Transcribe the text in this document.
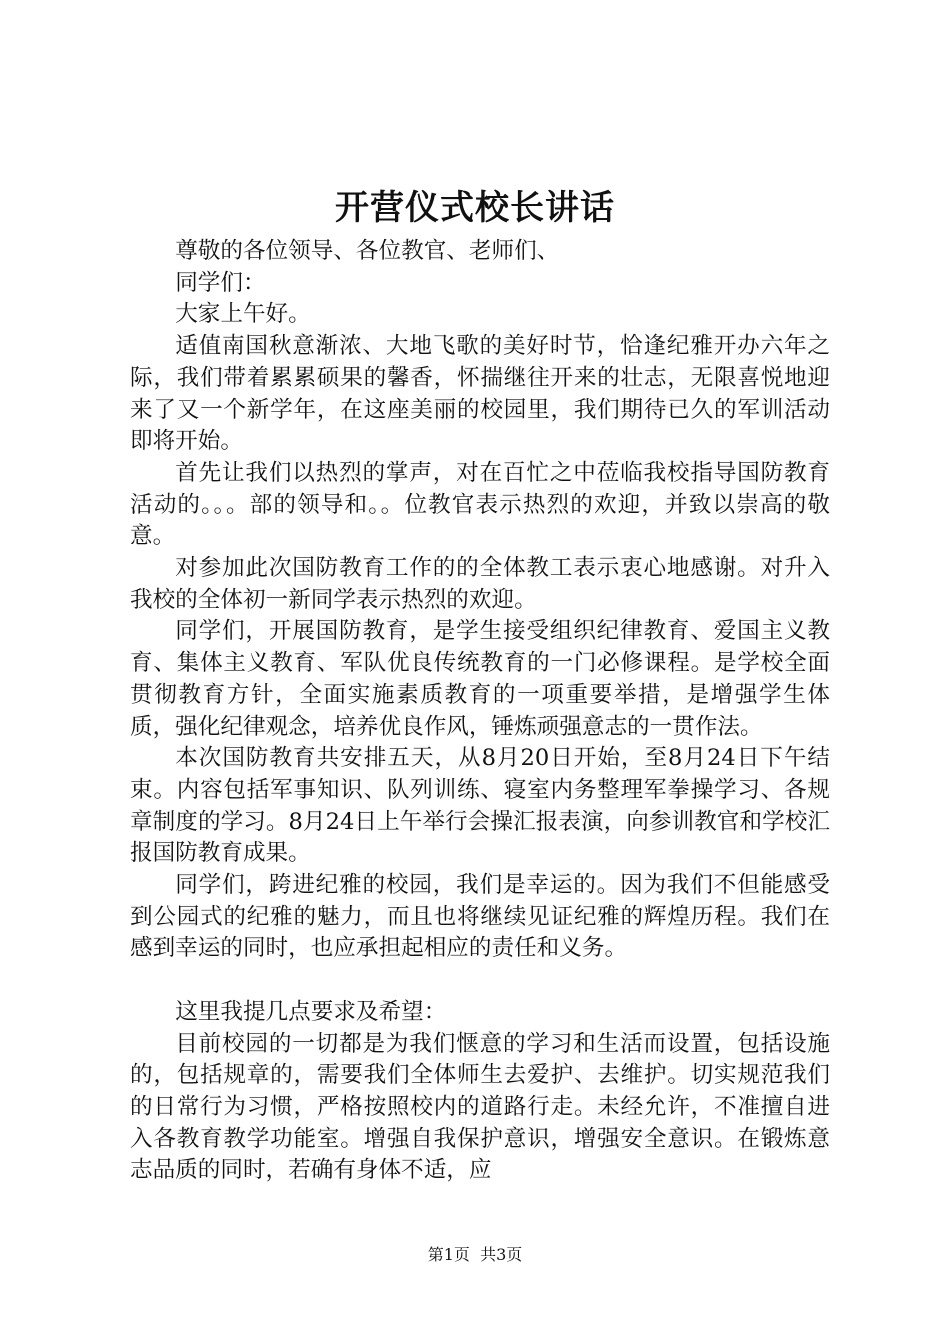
开营仪式校长讲话

尊敬的各位领导、各位教官、老师们、

同学们：

大家上午好。

适值南国秋意渐浓、大地飞歌的美好时节，恰逢纪雅开办六年之际，我们带着累累硕果的馨香，怀揣继往开来的壮志，无限喜悦地迎来了又一个新学年，在这座美丽的校园里，我们期待已久的军训活动即将开始。

首先让我们以热烈的掌声，对在百忙之中莅临我校指导国防教育活动的。。。部的领导和。。位教官表示热烈的欢迎，并致以崇高的敬意。

对参加此次国防教育工作的的全体教工表示衷心地感谢。对升入我校的全体初一新同学表示热烈的欢迎。

同学们，开展国防教育，是学生接受组织纪律教育、爱国主义教育、集体主义教育、军队优良传统教育的一门必修课程。是学校全面贯彻教育方针，全面实施素质教育的一项重要举措，是增强学生体质，强化纪律观念，培养优良作风，锤炼顽强意志的一贯作法。

本次国防教育共安排五天，从8月20日开始，至8月24日下午结束。内容包括军事知识、队列训练、寝室内务整理军拳操学习、各规章制度的学习。8月24日上午举行会操汇报表演，向参训教官和学校汇报国防教育成果。

同学们，跨进纪雅的校园，我们是幸运的。因为我们不但能感受到公园式的纪雅的魅力，而且也将继续见证纪雅的辉煌历程。我们在感到幸运的同时，也应承担起相应的责任和义务。

这里我提几点要求及希望：

目前校园的一切都是为我们惬意的学习和生活而设置，包括设施的，包括规章的，需要我们全体师生去爱护、去维护。切实规范我们的日常行为习惯，严格按照校内的道路行走。未经允许，不准擅自进入各教育教学功能室。增强自我保护意识，增强安全意识。在锻炼意志品质的同时，若确有身体不适，应

第1页 共3页
